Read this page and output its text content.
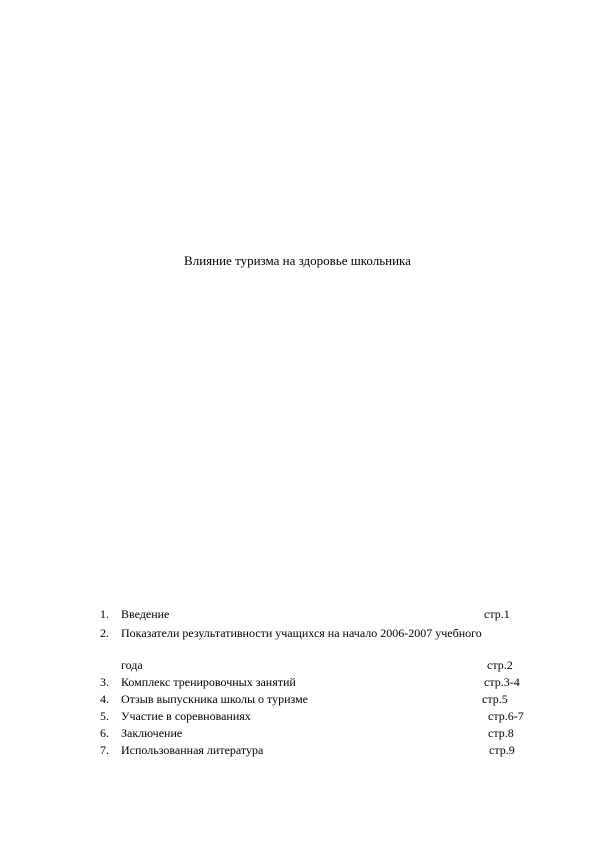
Влияние туризма на здоровье школьника
1. Введение	стр.1
2. Показатели результативности учащихся на начало 2006-2007 учебного
года	стр.2
3. Комплекс тренировочных занятий	стр.3-4
4. Отзыв выпускника школы о туризме	стр.5
5. Участие в соревнованиях	стр.6-7
6. Заключение	стр.8
7. Использованная литература	стр.9
